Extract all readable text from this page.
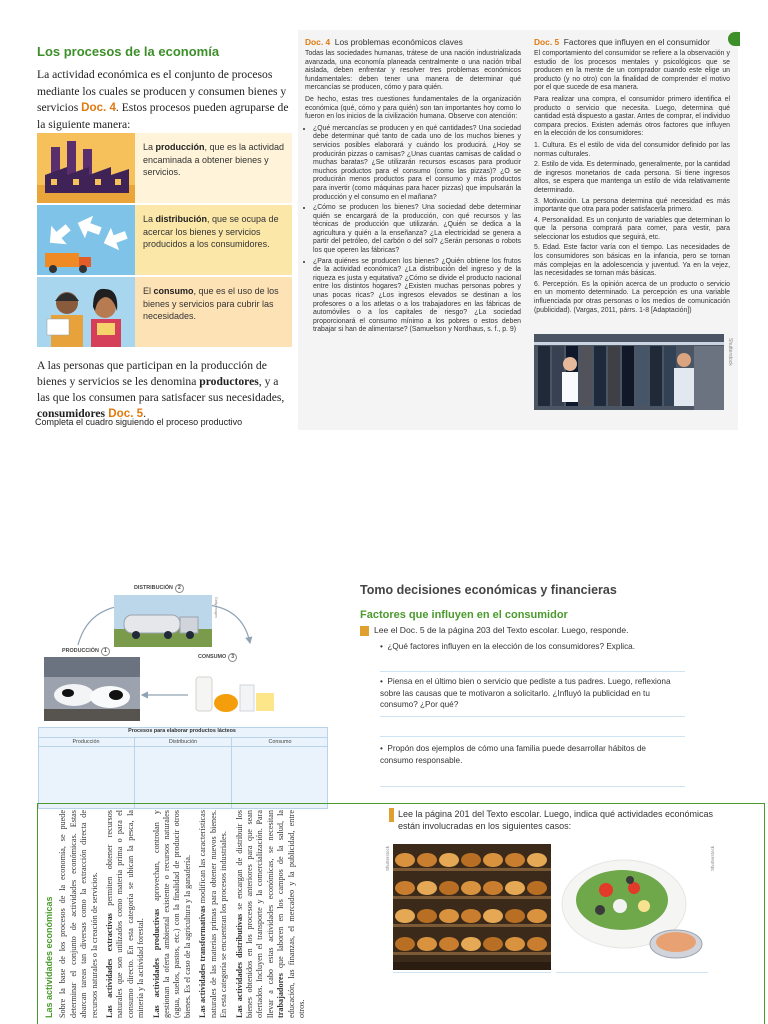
Los procesos de la economía
La actividad económica es el conjunto de procesos mediante los cuales se producen y consumen bienes y servicios Doc. 4. Estos procesos pueden agruparse de la siguiente manera:
La producción, que es la actividad encaminada a obtener bienes y servicios.
La distribución, que se ocupa de acercar los bienes y servicios producidos a los consumidores.
El consumo, que es el uso de los bienes y servicios para cubrir las necesidades.
A las personas que participan en la producción de bienes y servicios se les denomina productores, y a las que los consumen para satisfacer sus necesidades, consumidores Doc. 5.
Completa el cuadro siguiendo el proceso productivo
Doc. 4 Los problemas económicos claves

Todas las sociedades humanas, trátese de una nación industrializada avanzada, una economía planeada centralmente o una nación tribal aislada, deben enfrentar y resolver tres problemas económicos fundamentales: deben tener una manera de determinar qué mercancías se producen, cómo y para quién.

De hecho, estas tres cuestiones fundamentales de la organización económica (qué, cómo y para quién) son tan importantes hoy como lo fueron en los inicios de la civilización humana. Observe con atención:

• ¿Qué mercancías se producen y en qué cantidades? Una sociedad debe determinar qué tanto de cada uno de los muchos bienes y servicios posibles elaborará y cuándo los producirá. ¿Hoy se producirán pizzas o camisas? ¿Unas cuantas camisas de calidad o muchas baratas? ¿Se utilizarán recursos escasos para producir muchos productos para el consumo (como las pizzas)? ¿O se producirán menos productos para el consumo y más productos para invertir (como máquinas para hacer pizzas) que impulsarán la producción y el consumo en el mañana?
• ¿Cómo se producen los bienes? Una sociedad debe determinar quién se encargará de la producción, con qué recursos y las técnicas de producción que utilizarán. ¿Quién se dedica a la agricultura y quién a la enseñanza? ¿La electricidad se genera a partir del petróleo, del carbón o del sol? ¿Serán personas o robots los que operen las fábricas?
• ¿Para quiénes se producen los bienes? ¿Quién obtiene los frutos de la actividad económica? ¿La distribución del ingreso y de la riqueza es justa y equitativa? ¿Cómo se divide el producto nacional entre los distintos hogares? ¿Existen muchas personas pobres y unas pocas ricas? ¿Los ingresos elevados se destinan a los profesores o a los atletas o a los trabajadores en las fábricas de automóviles o a los capitales de riesgo? ¿La sociedad proporcionará el consumo mínimo a los pobres o estos deben trabajar si han de alimentarse? (Samuelson y Nordhaus, s. f., p. 9)
Doc. 5 Factores que influyen en el consumidor

El comportamiento del consumidor se refiere a la observación y estudio de los procesos mentales y psicológicos que se producen en la mente de un comprador cuando este elige un producto (y no otro) con la finalidad de comprender el motivo por el que sucede de esa manera.

Para realizar una compra, el consumidor primero identifica el producto o servicio que necesita. Luego, determina qué cantidad está dispuesto a gastar. Antes de comprar, el individuo compara precios. Existen además otros factores que influyen en la elección de los consumidores:

1. Cultura. Es el estilo de vida del consumidor definido por las normas culturales.

2. Estilo de vida. Es determinado, generalmente, por la cantidad de ingresos monetarios de cada persona. Si tiene ingresos altos, se espera que mantenga un estilo de vida relativamente determinado.

3. Motivación. La persona determina qué necesidad es más importante que otra para poder satisfacerla primero.

4. Personalidad. Es un conjunto de variables que determinan lo que la persona comprará para comer, para vestir, para seleccionar los estudios que seguirá, etc.

5. Edad. Este factor varía con el tiempo. Las necesidades de los consumidores son básicas en la infancia, pero se tornan más complejas en la adolescencia y juventud. Ya en la vejez, las necesidades se tornan más básicas.

6. Percepción. Es la opinión acerca de un producto o servicio en un momento determinado. La percepción es una variable influenciada por otras personas o los medios de comunicación (publicidad). (Vargas, 2011, párrs. 1-8 [Adaptación])

Shutterstock
DISTRIBUCIÓN 2
Getty Images
PRODUCCIÓN 1
CONSUMO 3
Procesos para elaborar productos lácteos
Producción	Distribución	Consumo
Tomo decisiones económicas y financieras
Factores que influyen en el consumidor
Lee el Doc. 5 de la página 203 del Texto escolar. Luego, responde.
•  ¿Qué factores influyen en la elección de los consumidores? Explica.
•  Piensa en el último bien o servicio que pediste a tus padres. Luego, reflexiona sobre las causas que te motivaron a solicitarlo. ¿Influyó la publicidad en tu consumo? ¿Por qué?
•  Propón dos ejemplos de cómo una familia puede desarrollar hábitos de consumo responsable.
Las actividades económicas Sobre la base de los procesos de la economía, se puede determinar el conjunto de actividades económicas. Estas abarcan tareas tan diversas como la extracción directa de recursos naturales o la creación de servicios. Las actividades extractivas permiten obtener recursos naturales que son utilizados como materia prima o para el consumo directo. En esta categoría se ubican la pesca, la minería y la actividad forestal. Las actividades productivas aprovechan, controlan y gestionan la oferta ambiental existente o recursos naturales (agua, suelos, pastos, etc.) con la finalidad de producir otros bienes. Es el caso de la agricultura y la ganadería. Las actividades transformativas modifican las características naturales de las materias primas para obtener nuevos bienes. En esta categoría se encuentran los procesos industriales. Las actividades distributivas se encargan de distribuir los bienes obtenidos en los procesos anteriores para que sean ofertados. Incluyen el transporte y la comercialización. Para llevar a cabo estas actividades económicas, se necesitan trabajadores que laboren en los campos de la salud, la educación, las finanzas, el mercadeo y la publicidad, entre otros.

Lee la página 201 del Texto escolar. Luego, indica qué actividades económicas están involucradas en los siguientes casos:
Shutterstock	Shutterstock
